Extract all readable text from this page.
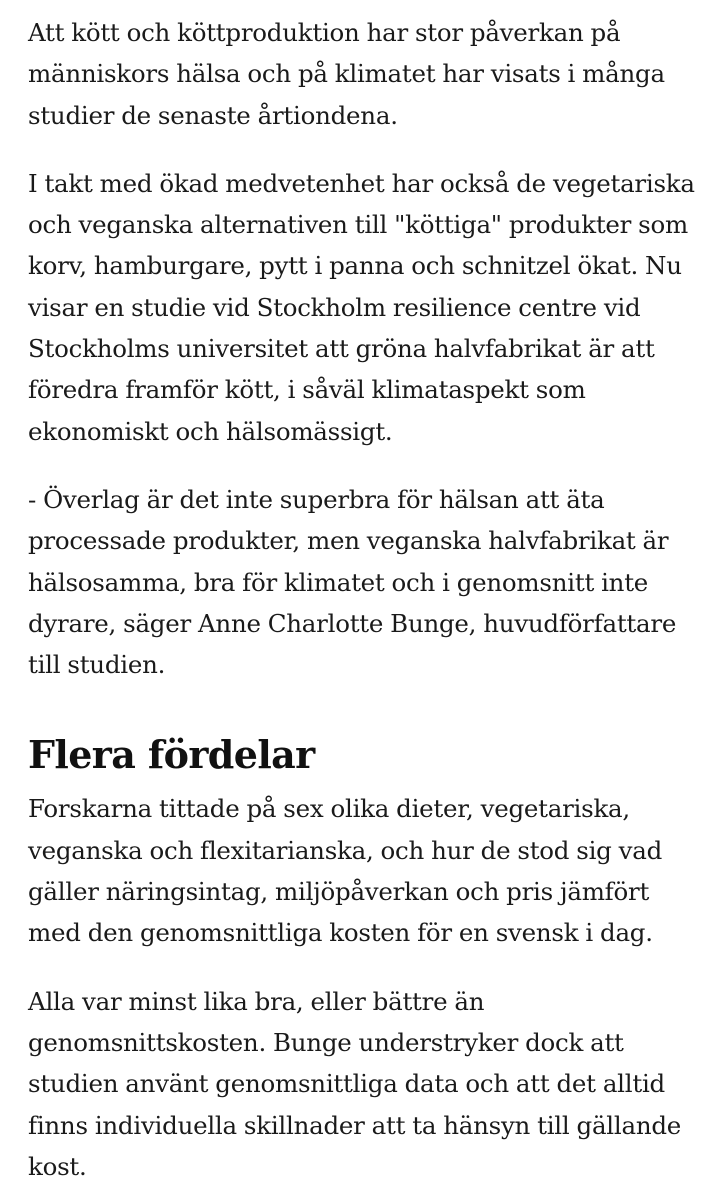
Att kött och köttproduktion har stor påverkan på människors hälsa och på klimatet har visats i många studier de senaste årtiondena.

I takt med ökad medvetenhet har också de vegetariska och veganska alternativen till "köttiga" produkter som korv, hamburgare, pytt i panna och schnitzel ökat. Nu visar en studie vid Stockholm resilience centre vid Stockholms universitet att gröna halvfabrikat är att föredra framför kött, i såväl klimataspekt som ekonomiskt och hälsomässigt.

- Överlag är det inte superbra för hälsan att äta processade produkter, men veganska halvfabrikat är hälsosamma, bra för klimatet och i genomsnitt inte dyrare, säger Anne Charlotte Bunge, huvudförfattare till studien.

Flera fördelar

Forskarna tittade på sex olika dieter, vegetariska, veganska och flexitarianska, och hur de stod sig vad gäller näringsintag, miljöpåverkan och pris jämfört med den genomsnittliga kosten för en svensk i dag.

Alla var minst lika bra, eller bättre än genomsnittskosten. Bunge understryker dock att studien använt genomsnittliga data och att det alltid finns individuella skillnader att ta hänsyn till gällande kost.
